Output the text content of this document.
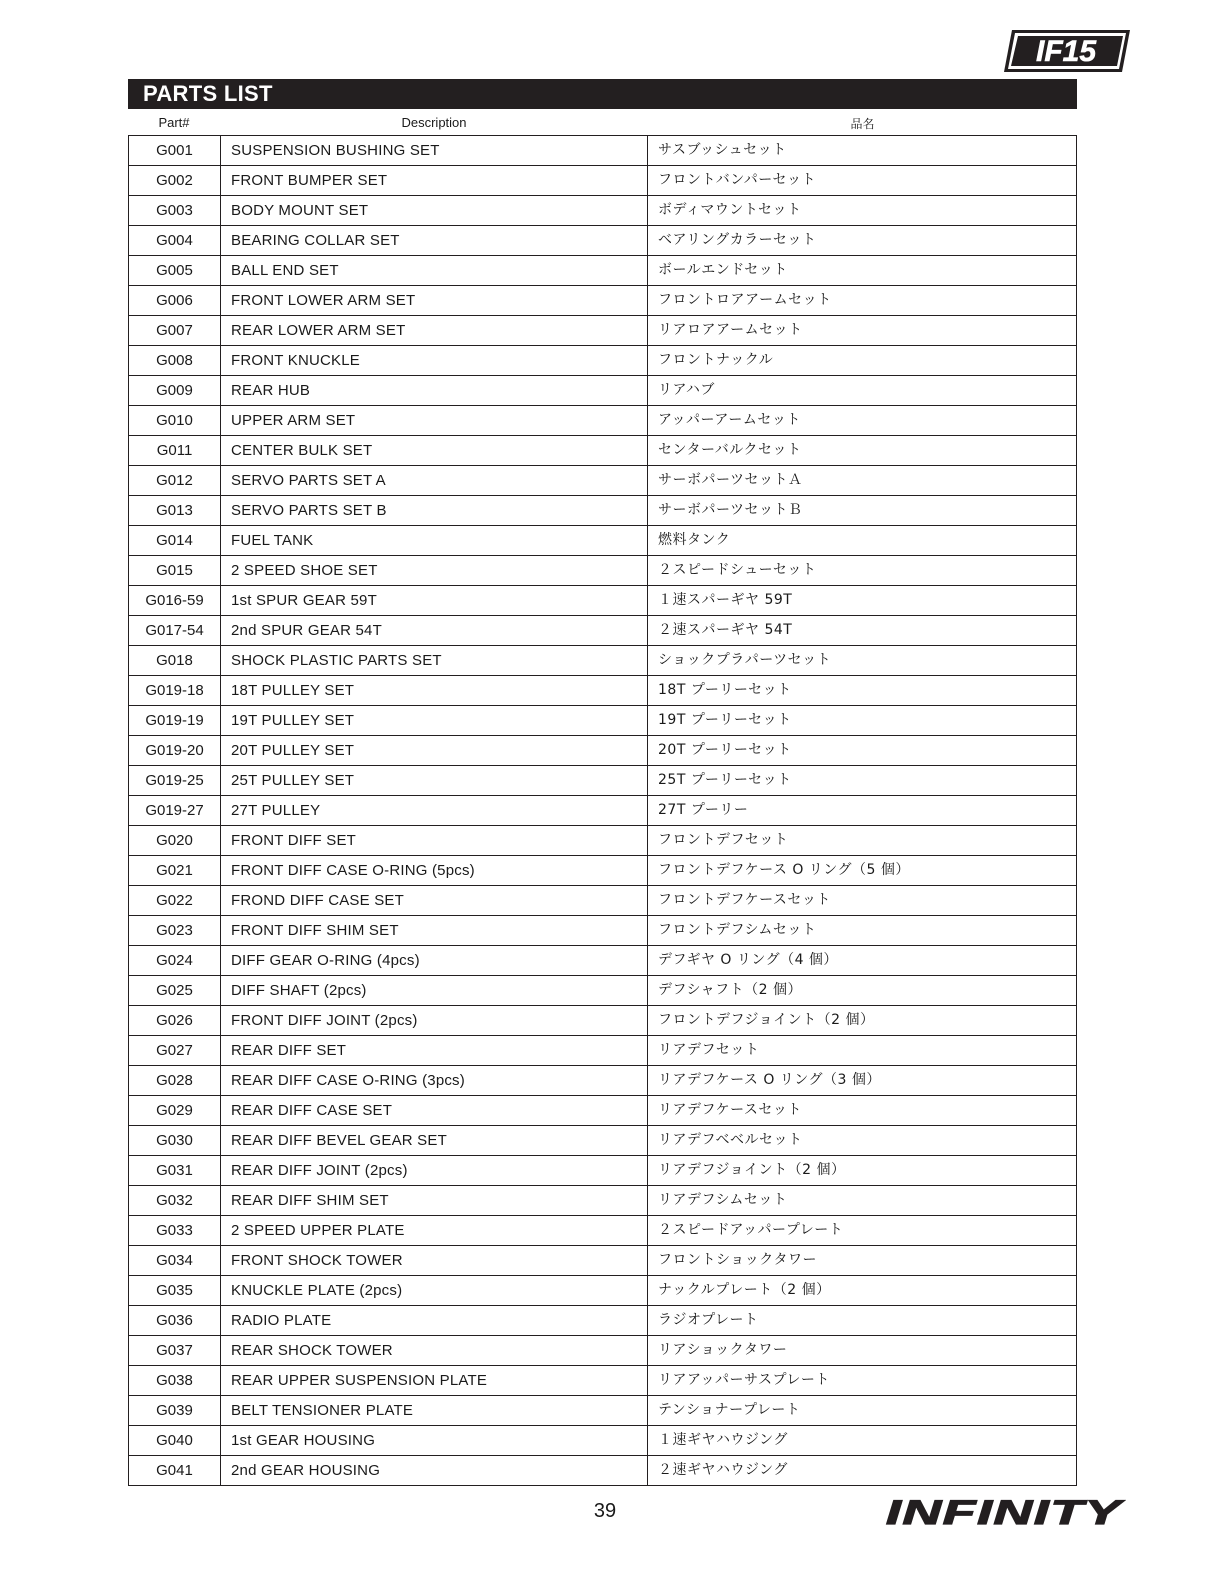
IF15
PARTS LIST
Part#	Description	品名
G001	SUSPENSION BUSHING SET	サスブッシュセット
G002	FRONT BUMPER SET	フロントバンパーセット
G003	BODY MOUNT SET	ボディマウントセット
G004	BEARING COLLAR SET	ベアリングカラーセット
G005	BALL END SET	ボールエンドセット
G006	FRONT LOWER ARM SET	フロントロアアームセット
G007	REAR LOWER ARM SET	リアロアアームセット
G008	FRONT KNUCKLE	フロントナックル
G009	REAR HUB	リアハブ
G010	UPPER ARM SET	アッパーアームセット
G011	CENTER BULK SET	センターバルクセット
G012	SERVO PARTS SET A	サーボパーツセットＡ
G013	SERVO PARTS SET B	サーボパーツセットＢ
G014	FUEL TANK	燃料タンク
G015	2 SPEED SHOE SET	２スピードシューセット
G016-59	1st SPUR GEAR 59T	１速スパーギヤ 59T
G017-54	2nd SPUR GEAR 54T	２速スパーギヤ 54T
G018	SHOCK PLASTIC PARTS SET	ショックプラパーツセット
G019-18	18T PULLEY SET	18T プーリーセット
G019-19	19T PULLEY SET	19T プーリーセット
G019-20	20T PULLEY SET	20T プーリーセット
G019-25	25T PULLEY SET	25T プーリーセット
G019-27	27T PULLEY	27T プーリー
G020	FRONT DIFF SET	フロントデフセット
G021	FRONT DIFF CASE O-RING (5pcs)	フロントデフケース O リング（5 個）
G022	FROND DIFF CASE SET	フロントデフケースセット
G023	FRONT DIFF SHIM SET	フロントデフシムセット
G024	DIFF GEAR O-RING (4pcs)	デフギヤ O リング（4 個）
G025	DIFF SHAFT (2pcs)	デフシャフト（2 個）
G026	FRONT DIFF JOINT (2pcs)	フロントデフジョイント（2 個）
G027	REAR DIFF SET	リアデフセット
G028	REAR DIFF CASE O-RING (3pcs)	リアデフケース O リング（3 個）
G029	REAR DIFF CASE SET	リアデフケースセット
G030	REAR DIFF BEVEL GEAR SET	リアデフベベルセット
G031	REAR DIFF JOINT (2pcs)	リアデフジョイント（2 個）
G032	REAR DIFF SHIM SET	リアデフシムセット
G033	2 SPEED UPPER PLATE	２スピードアッパープレート
G034	FRONT SHOCK TOWER	フロントショックタワー
G035	KNUCKLE PLATE (2pcs)	ナックルプレート（2 個）
G036	RADIO PLATE	ラジオプレート
G037	REAR SHOCK TOWER	リアショックタワー
G038	REAR UPPER SUSPENSION PLATE	リアアッパーサスプレート
G039	BELT TENSIONER PLATE	テンショナープレート
G040	1st GEAR HOUSING	１速ギヤハウジング
G041	2nd GEAR HOUSING	２速ギヤハウジング
39	INFINITY
